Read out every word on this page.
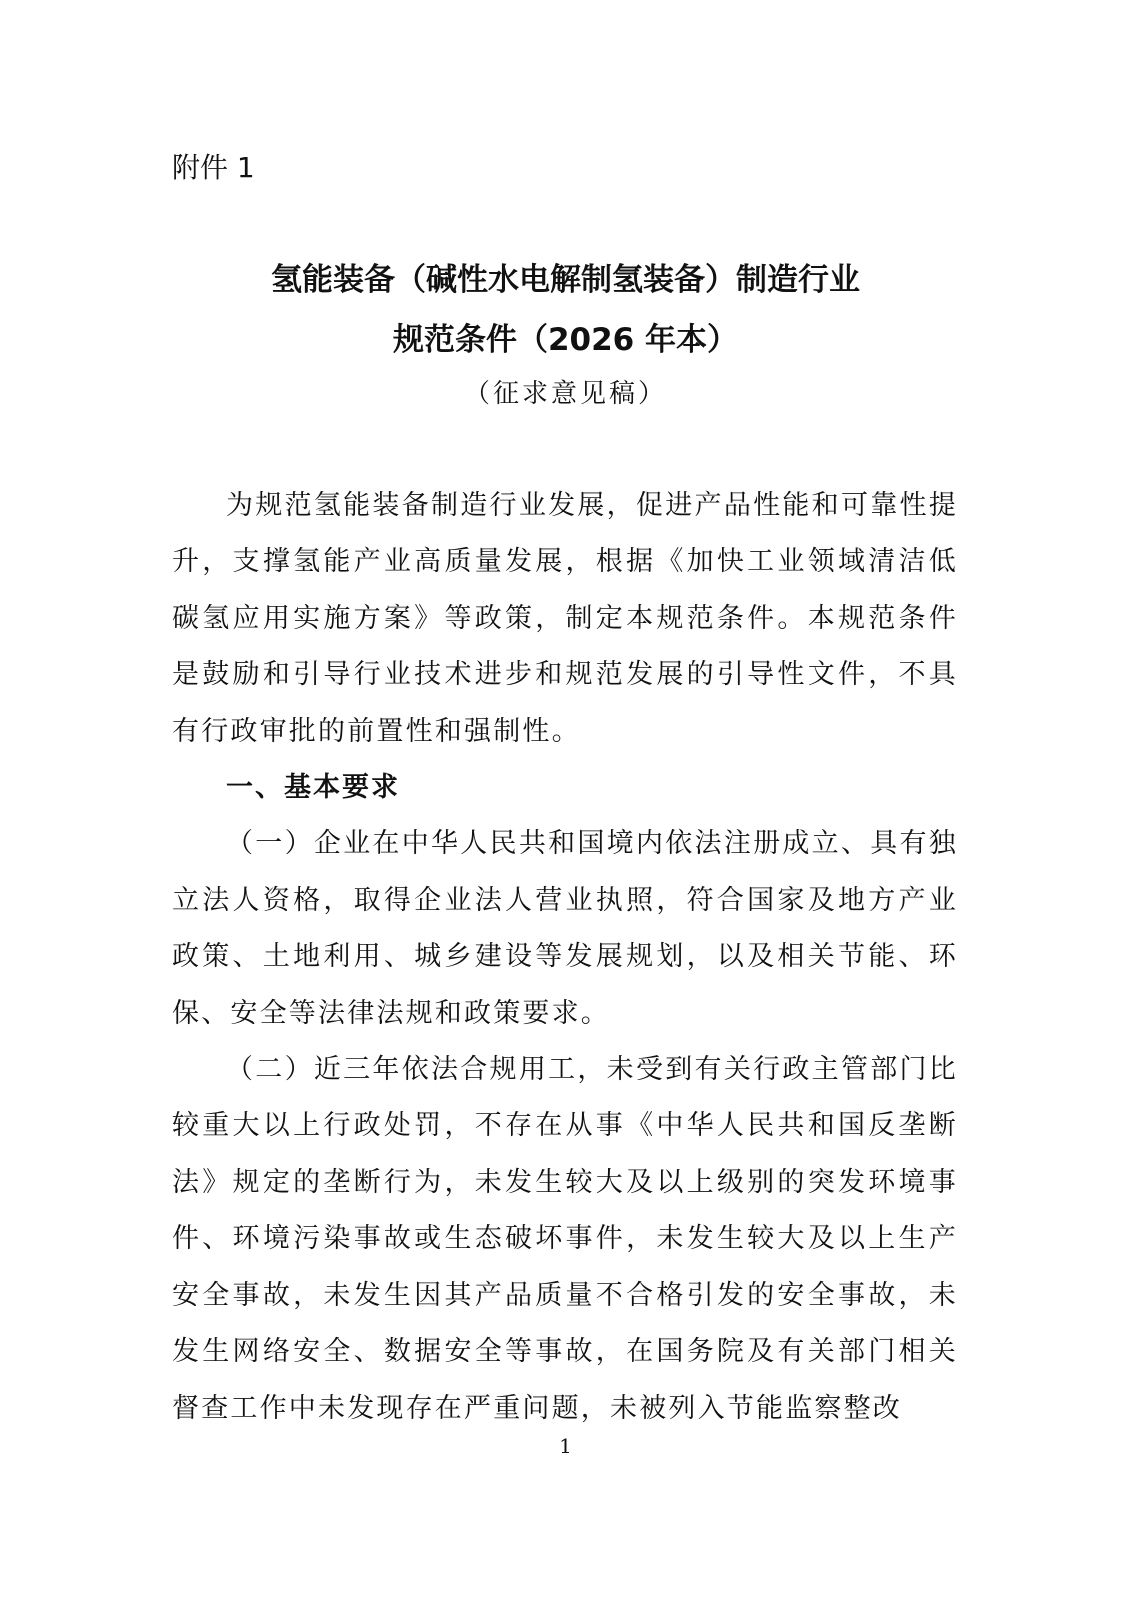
附件 1
氢能装备（碱性水电解制氢装备）制造行业
规范条件（2026 年本）
（征求意见稿）

为规范氢能装备制造行业发展，促进产品性能和可靠性提升，支撑氢能产业高质量发展，根据《加快工业领域清洁低碳氢应用实施方案》等政策，制定本规范条件。本规范条件是鼓励和引导行业技术进步和规范发展的引导性文件，不具有行政审批的前置性和强制性。

一、基本要求

（一）企业在中华人民共和国境内依法注册成立、具有独立法人资格，取得企业法人营业执照，符合国家及地方产业政策、土地利用、城乡建设等发展规划，以及相关节能、环保、安全等法律法规和政策要求。

（二）近三年依法合规用工，未受到有关行政主管部门比较重大以上行政处罚，不存在从事《中华人民共和国反垄断法》规定的垄断行为，未发生较大及以上级别的突发环境事件、环境污染事故或生态破坏事件，未发生较大及以上生产安全事故，未发生因其产品质量不合格引发的安全事故，未发生网络安全、数据安全等事故，在国务院及有关部门相关督查工作中未发现存在严重问题，未被列入节能监察整改

1
